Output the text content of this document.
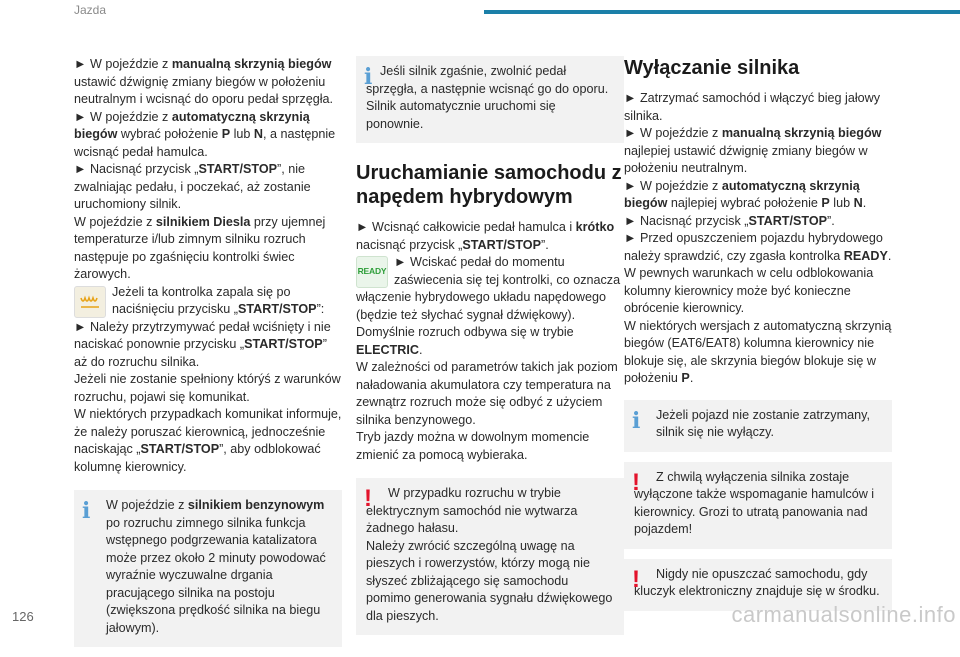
Jazda

► W pojeździe z manualną skrzynią biegów ustawić dźwignię zmiany biegów w położeniu neutralnym i wcisnąć do oporu pedał sprzęgła.

► W pojeździe z automatyczną skrzynią biegów wybrać położenie P lub N, a następnie wcisnąć pedał hamulca.

► Nacisnąć przycisk „START/STOP”, nie zwalniając pedału, i poczekać, aż zostanie uruchomiony silnik.

W pojeździe z silnikiem Diesla przy ujemnej temperaturze i/lub zimnym silniku rozruch następuje po zgaśnięciu kontrolki świec żarowych.

Jeżeli ta kontrolka zapala się po naciśnięciu przycisku „START/STOP”:

► Należy przytrzymywać pedał wciśnięty i nie naciskać ponownie przycisku „START/STOP” aż do rozruchu silnika.

Jeżeli nie zostanie spełniony którýś z warunków rozruchu, pojawi się komunikat.

W niektórych przypadkach komunikat informuje, że należy poruszać kierownicą, jednocześnie naciskając „START/STOP”, aby odblokować kolumnę kierownicy.

i	W pojeździe z silnikiem benzynowym po rozruchu zimnego silnika funkcja wstępnego podgrzewania katalizatora może przez około 2 minuty powodować wyraźnie wyczuwalne drgania pracującego silnika na postoju (zwiększona prędkość silnika na biegu jałowym).

i Jeśli silnik zgaśnie, zwolnić pedał sprzęgła, a następnie wcisnąć go do oporu. Silnik automatycznie uruchomi się ponownie.

Uruchamianie samochodu z napędem hybrydowym

► Wcisnąć całkowicie pedał hamulca i krótko nacisnąć przycisk „START/STOP”.

READY
► Wciskać pedał do momentu zaświecenia się tej kontrolki, co oznacza włączenie hybrydowego układu napędowego (będzie też słychać sygnał dźwiękowy).

Domyślnie rozruch odbywa się w trybie ELECTRIC.

W zależności od parametrów takich jak poziom naładowania akumulatora czy temperatura na zewnątrz rozruch może się odbyć z użyciem silnika benzynowego.

Tryb jazdy można w dowolnym momencie zmienić za pomocą wybieraka.

!	W przypadku rozruchu w trybie elektrycznym samochód nie wytwarza żadnego hałasu.
Należy zwrócić szczególną uwagę na pieszych i rowerzystów, którzy mogą nie słyszeć zbliżającego się samochodu pomimo generowania sygnału dźwiękowego dla pieszych.

Wyłączanie silnika

► Zatrzymać samochód i włączyć bieg jałowy silnika.

► W pojeździe z manualną skrzynią biegów najlepiej ustawić dźwignię zmiany biegów w położeniu neutralnym.

► W pojeździe z automatyczną skrzynią biegów najlepiej wybrać położenie P lub N.

► Nacisnąć przycisk „START/STOP”.

► Przed opuszczeniem pojazdu hybrydowego należy sprawdzić, czy zgasła kontrolka READY.

W pewnych warunkach w celu odblokowania kolumny kierownicy może być konieczne obrócenie kierownicy.

W niektórych wersjach z automatyczną skrzynią biegów (EAT6/EAT8) kolumna kierownicy nie blokuje się, ale skrzynia biegów blokuje się w położeniu P.

i	Jeżeli pojazd nie zostanie zatrzymany, silnik się nie wyłączy.

!	Z chwilą wyłączenia silnika zostaje wyłączone także wspomaganie hamulców i kierownicy. Grozi to utratą panowania nad pojazdem!

!	Nigdy nie opuszczać samochodu, gdy kluczyk elektroniczny znajduje się w środku.

126	carmanualsonline.info
